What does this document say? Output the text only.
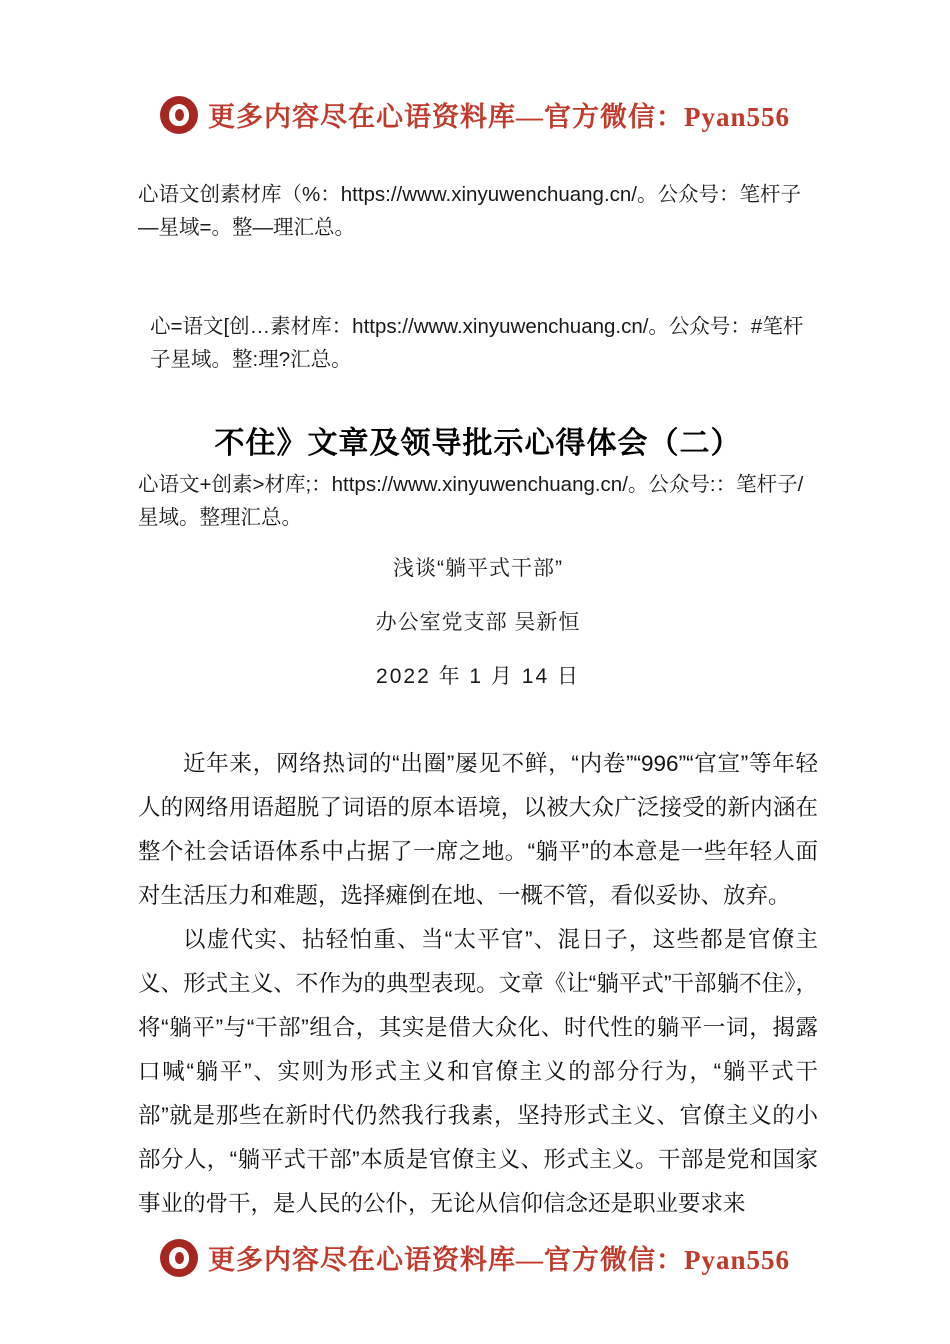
更多内容尽在心语资料库—官方微信：Pyan556

心语文创素材库（%：https://www.xinyuwenchuang.cn/。公众号：笔杆子—星域=。整—理汇总。

心=语文[创…素材库：https://www.xinyuwenchuang.cn/。公众号：#笔杆子星域。整:理?汇总。

不住》文章及领导批示心得体会（二）

心语文+创素>材库;：https://www.xinyuwenchuang.cn/。公众号:：笔杆子/星域。整理汇总。

浅谈“躺平式干部”
办公室党支部 吴新恒
2022 年 1 月 14 日

近年来，网络热词的“出圈”屡见不鲜，“内卷”“996”“官宣”等年轻人的网络用语超脱了词语的原本语境，以被大众广泛接受的新内涵在整个社会话语体系中占据了一席之地。“躺平”的本意是一些年轻人面对生活压力和难题，选择瘫倒在地、一概不管，看似妥协、放弃。

以虚代实、拈轻怕重、当“太平官”、混日子，这些都是官僚主义、形式主义、不作为的典型表现。文章《让“躺平式”干部躺不住》，将“躺平”与“干部”组合，其实是借大众化、时代性的躺平一词，揭露口喊“躺平”、实则为形式主义和官僚主义的部分行为，“躺平式干部”就是那些在新时代仍然我行我素，坚持形式主义、官僚主义的小部分人，“躺平式干部”本质是官僚主义、形式主义。干部是党和国家事业的骨干，是人民的公仆，无论从信仰信念还是职业要求来

更多内容尽在心语资料库—官方微信：Pyan556
